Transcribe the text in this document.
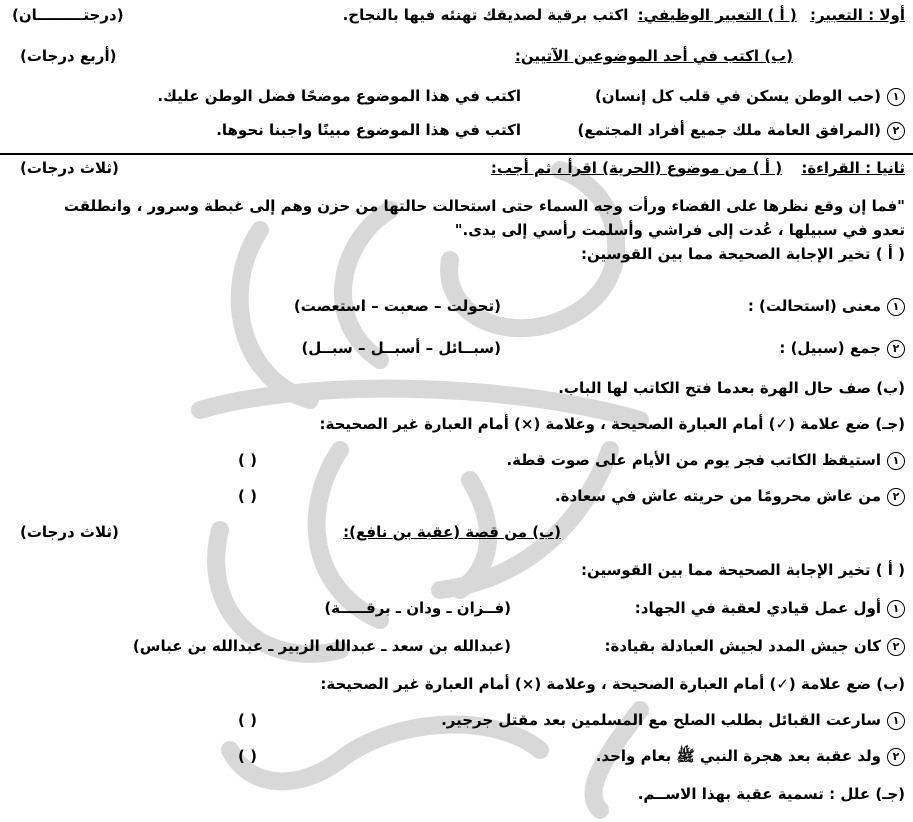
أولا : التعبير: ( أ ) التعبير الوظيفي: اكتب برقية لصديقك تهنئه فيها بالنجاح.
(درجتـــــــــان)
(ب) اكتب في أحد الموضوعين الآتيين:
(أربع درجات)
١(حب الوطن يسكن في قلب كل إنسان)
اكتب في هذا الموضوع موضحًا فضل الوطن عليك.
٢(المرافق العامة ملك جميع أفراد المجتمع)
اكتب في هذا الموضوع مبينًا واجبنا نحوها.
ثانيا : القراءة: ( أ ) من موضوع (الحرية) اقرأ ، ثم أجب:
(ثلاث درجات)
"فما إن وقع نظرها على الفضاء ورأت وجه السماء حتى استحالت حالتها من حزن وهم إلى غبطة وسرور ، وانطلقت
تعدو في سبيلها ، عُدت إلى فراشي وأسلمت رأسي إلى يدى."
( أ ) تخير الإجابة الصحيحة مما بين القوسين:
١معنى (استحالت) :
(تحولت – صعبت – استعصت)
٢جمع (سبيل) :
(سبــائل – أسبــل – سبــل)
(ب) صف حال الهرة بعدما فتح الكاتب لها الباب.
(جـ) ضع علامة (✓) أمام العبارة الصحيحة ، وعلامة (×) أمام العبارة غير الصحيحة:
١استيقظ الكاتب فجر يوم من الأيام على صوت قطة.
( )
٢من عاش محرومًا من حريته عاش في سعادة.
( )
(ب) من قصة (عقبة بن نافع):
(ثلاث درجات)
( أ ) تخير الإجابة الصحيحة مما بين القوسين:
١أول عمل قيادي لعقبة في الجهاد:
(فــزان ـ ودان ـ برقـــــة)
٢كان جيش المدد لجيش العبادلة بقيادة:
(عبدالله بن سعد ـ عبدالله الزبير ـ عبدالله بن عباس)
(ب) ضع علامة (✓) أمام العبارة الصحيحة ، وعلامة (×) أمام العبارة غير الصحيحة:
١سارعت القبائل بطلب الصلح مع المسلمين بعد مقتل جرجير.
( )
٢ولد عقبة بعد هجرة النبي ﷺ بعام واحد.
( )
(جـ) علل : تسمية عقبة بهذا الاســم.
